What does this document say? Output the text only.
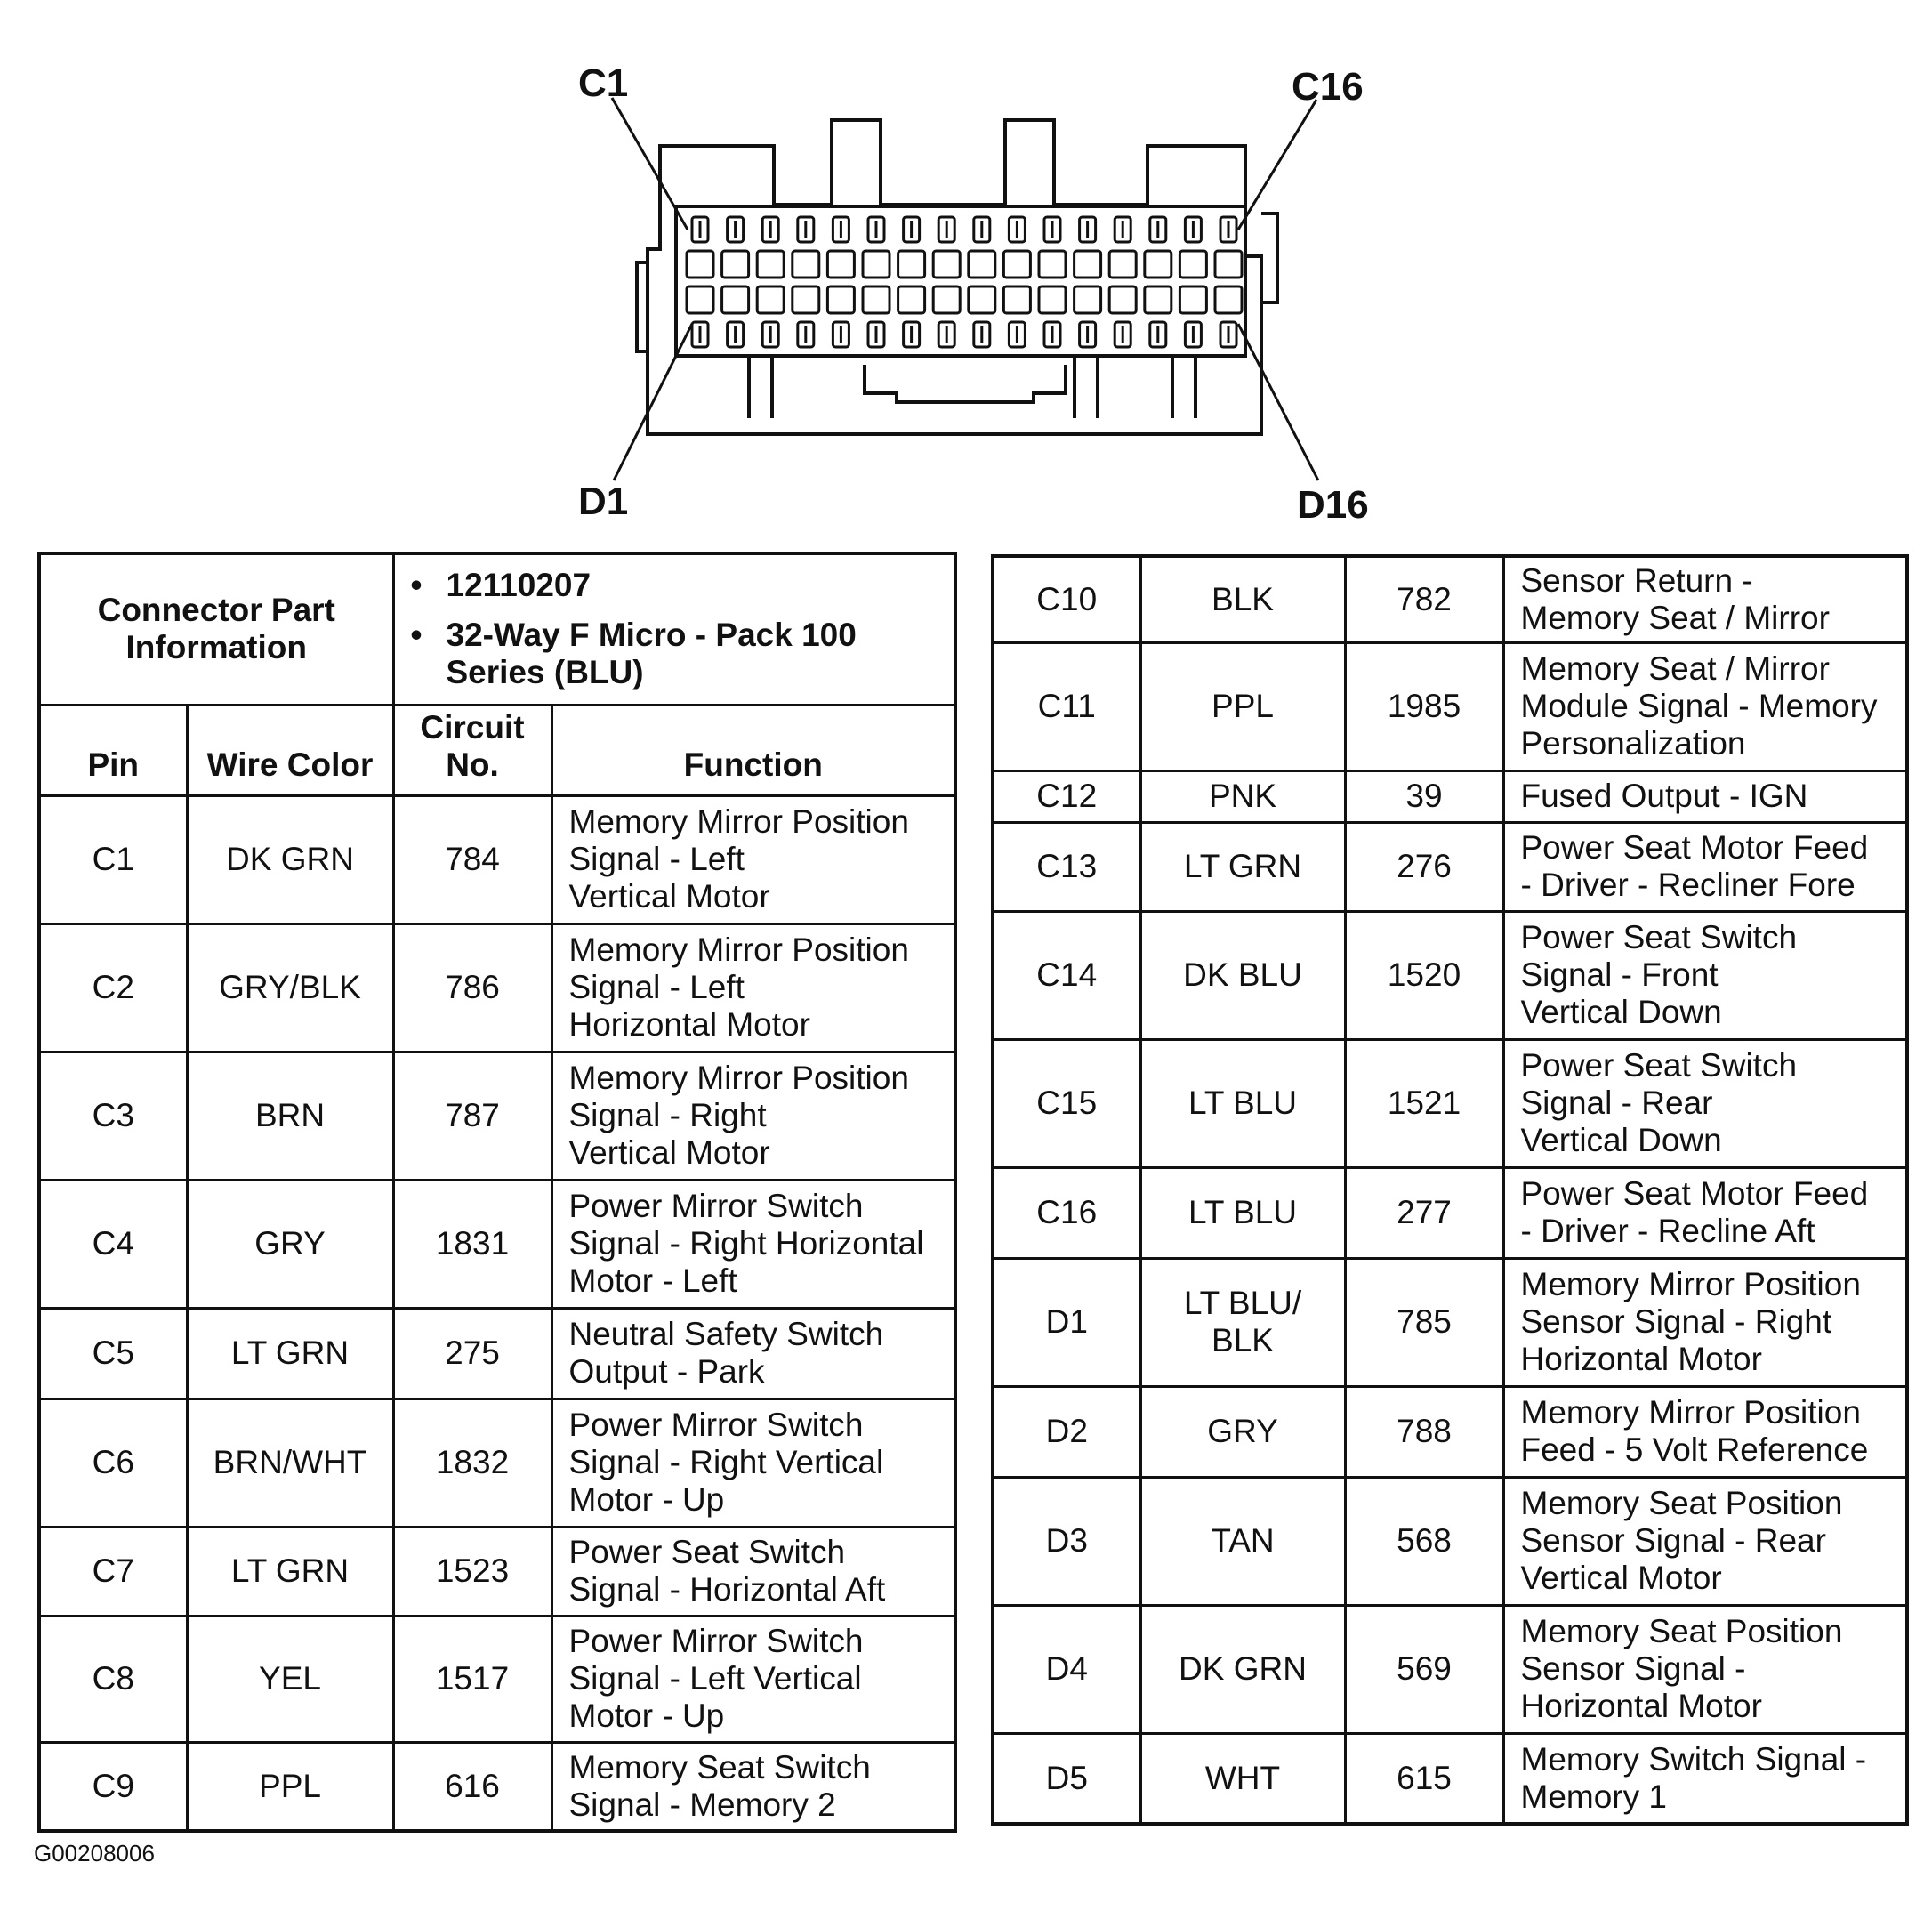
C1	C16
D1	D16
Connector Part Information		• 12110207
• 32-Way F Micro - Pack 100 Series (BLU)	

Pin	Wire Color	Circuit No.	Function
C1	DK GRN	784	Memory Mirror Position
Signal - Left
Vertical Motor
C2	GRY/BLK	786	Memory Mirror Position
Signal - Left
Horizontal Motor
C3	BRN	787	Memory Mirror Position
Signal - Right
Vertical Motor
C4	GRY	1831	Power Mirror Switch
Signal - Right Horizontal
Motor - Left
C5	LT GRN	275	Neutral Safety Switch
Output - Park
C6	BRN/WHT	1832	Power Mirror Switch
Signal - Right Vertical
Motor - Up
C7	LT GRN	1523	Power Seat Switch
Signal - Horizontal Aft
C8	YEL	1517	Power Mirror Switch
Signal - Left Vertical
Motor - Up
C9	PPL	616	Memory Seat Switch
Signal - Memory 2
C10	BLK	782	Sensor Return -
Memory Seat / Mirror
C11	PPL	1985	Memory Seat / Mirror
Module Signal - Memory
Personalization
C12	PNK	39	Fused Output - IGN
C13	LT GRN	276	Power Seat Motor Feed
- Driver - Recliner Fore
C14	DK BLU	1520	Power Seat Switch
Signal - Front
Vertical Down
C15	LT BLU	1521	Power Seat Switch
Signal - Rear
Vertical Down
C16	LT BLU	277	Power Seat Motor Feed
- Driver - Recline Aft
D1	LT BLU/
BLK	785	Memory Mirror Position
Sensor Signal - Right
Horizontal Motor
D2	GRY	788	Memory Mirror Position
Feed - 5 Volt Reference
D3	TAN	568	Memory Seat Position
Sensor Signal - Rear
Vertical Motor
D4	DK GRN	569	Memory Seat Position
Sensor Signal -
Horizontal Motor
D5	WHT	615	Memory Switch Signal -
Memory 1
G00208006
